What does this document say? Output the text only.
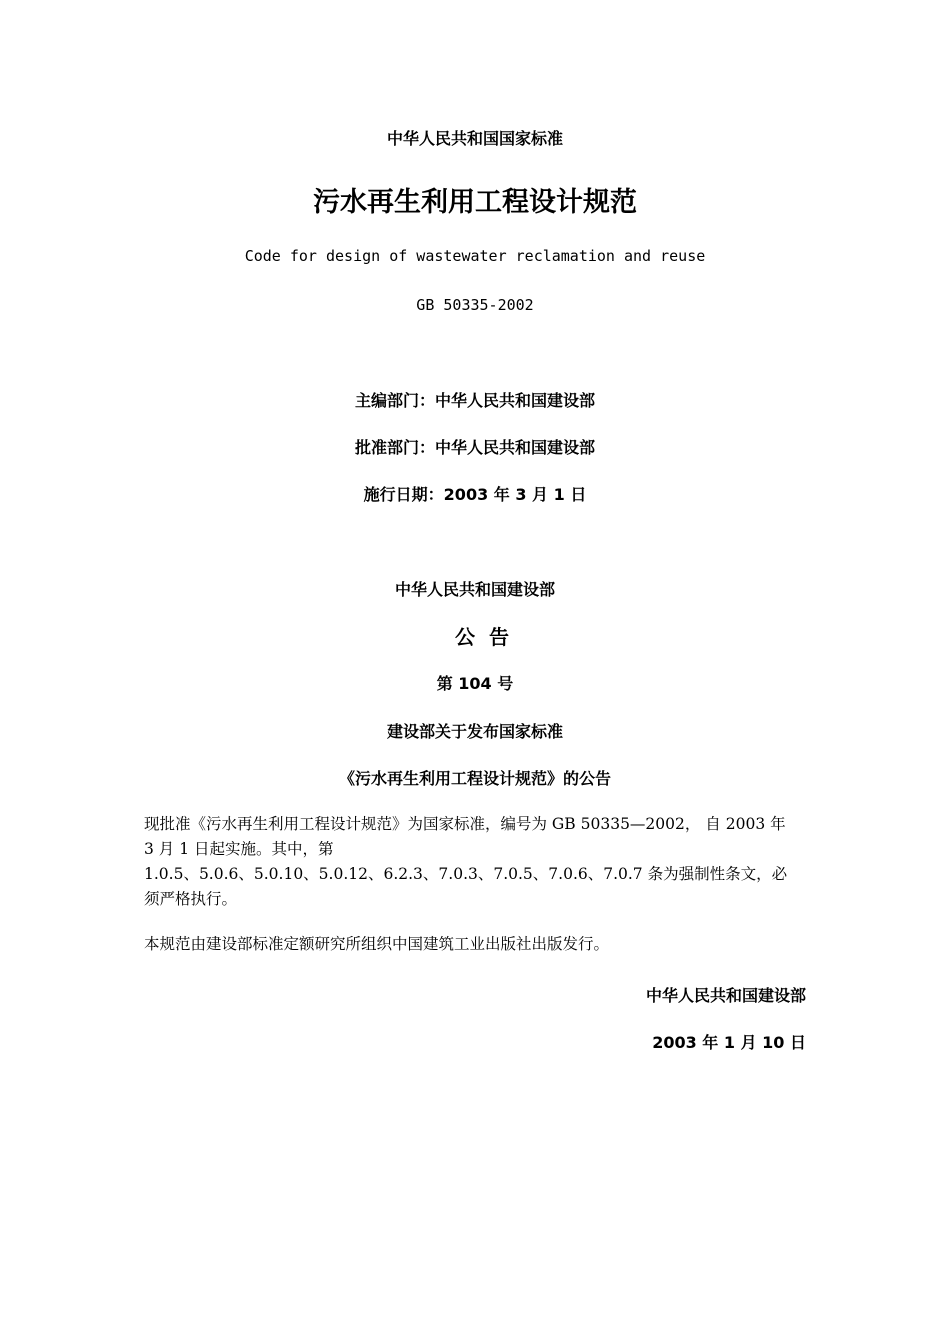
中华人民共和国国家标准
污水再生利用工程设计规范
Code for design of wastewater reclamation and reuse
GB 50335-2002
主编部门：中华人民共和国建设部
批准部门：中华人民共和国建设部
施行日期：2003 年 3 月 1 日
中华人民共和国建设部
公告
第 104 号
建设部关于发布国家标准
《污水再生利用工程设计规范》的公告
现批准《污水再生利用工程设计规范》为国家标准，编号为 GB 50335—2002， 自 2003 年
3 月 1 日起实施。其中，第
1.0.5、5.0.6、5.0.10、5.0.12、6.2.3、7.0.3、7.0.5、7.0.6、7.0.7 条为强制性条文，必
须严格执行。
本规范由建设部标准定额研究所组织中国建筑工业出版社出版发行。
中华人民共和国建设部
2003 年 1 月 10 日
